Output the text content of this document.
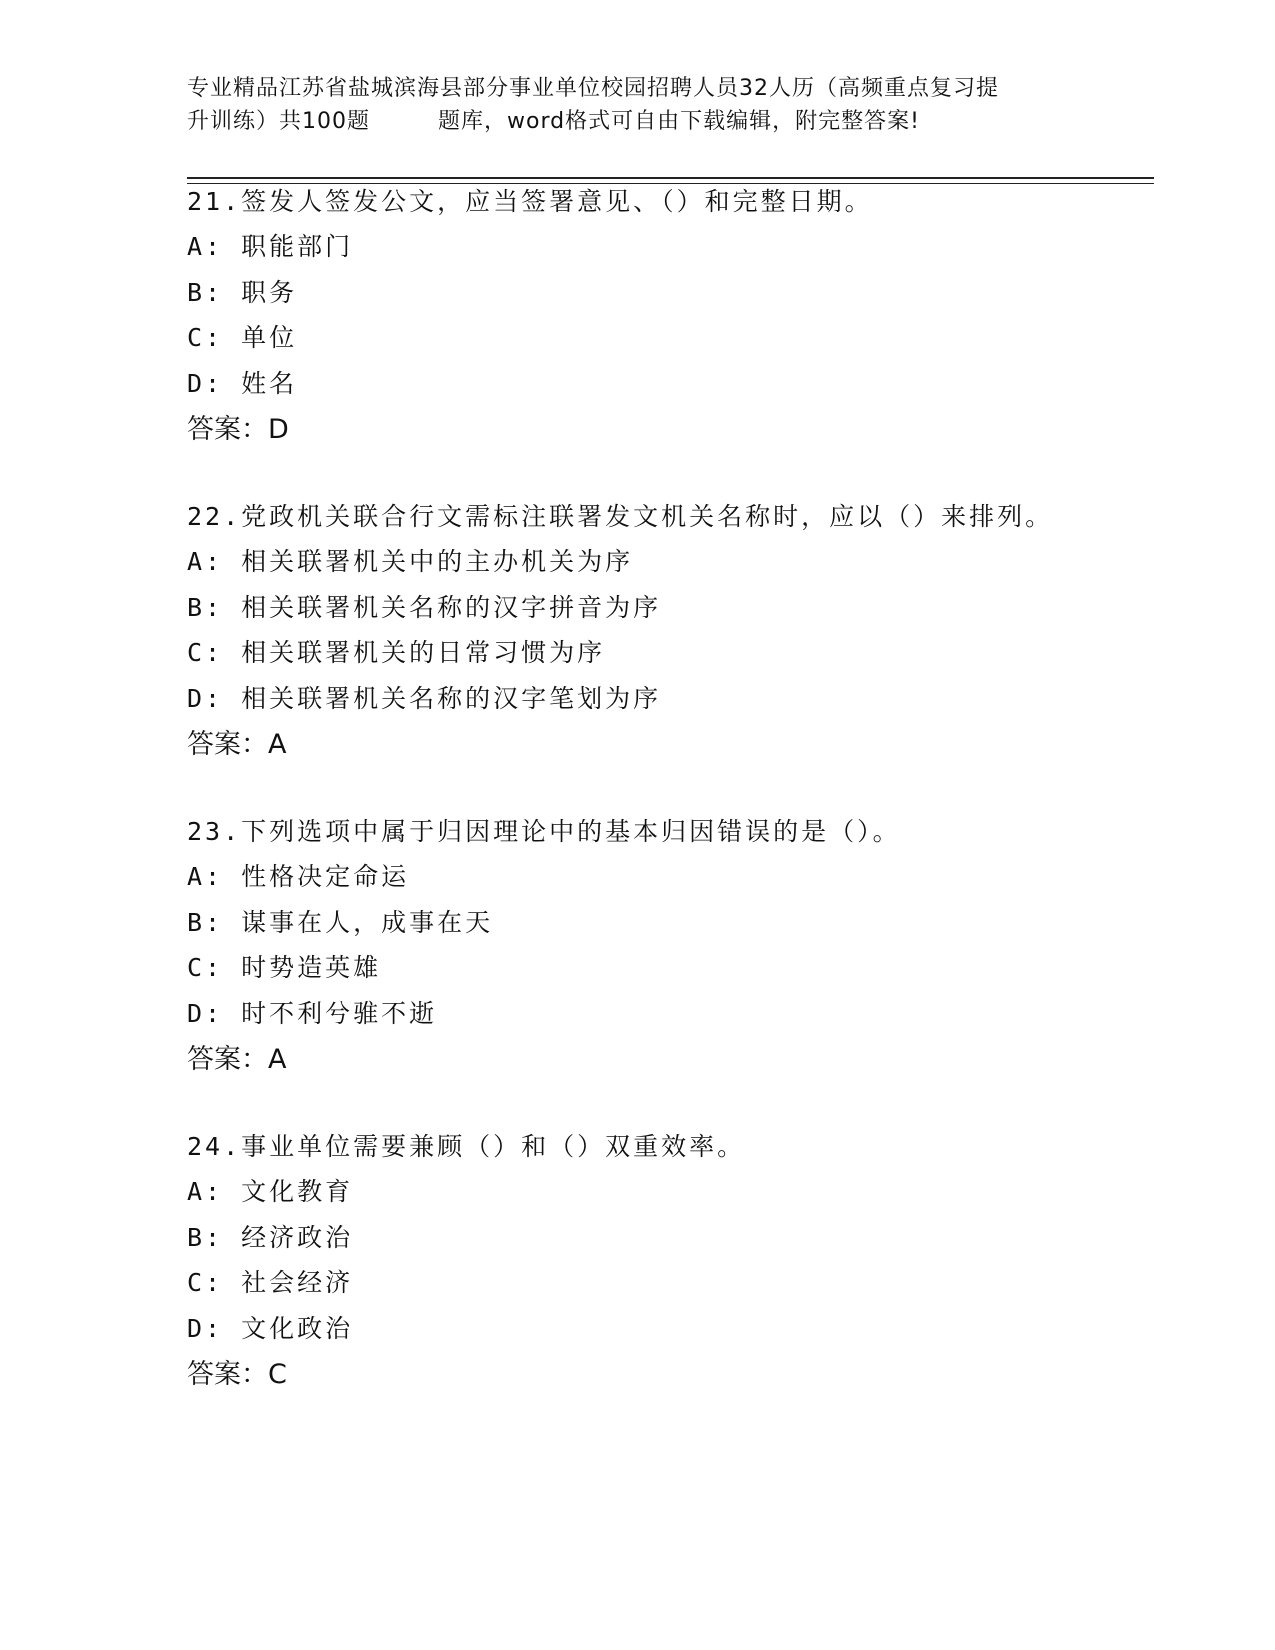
专业精品江苏省盐城滨海县部分事业单位校园招聘人员32人历（高频重点复习提
升训练）共100题	题库，word格式可自由下载编辑，附完整答案!
21.签发人签发公文，应当签署意见、（）和完整日期。
A: 职能部门
B: 职务
C: 单位
D: 姓名
答案：D
22.党政机关联合行文需标注联署发文机关名称时，应以（）来排列。
A: 相关联署机关中的主办机关为序
B: 相关联署机关名称的汉字拼音为序
C: 相关联署机关的日常习惯为序
D: 相关联署机关名称的汉字笔划为序
答案：A
23.下列选项中属于归因理论中的基本归因错误的是（）。
A: 性格决定命运
B: 谋事在人，成事在天
C: 时势造英雄
D: 时不利兮骓不逝
答案：A
24.事业单位需要兼顾（）和（）双重效率。
A: 文化教育
B: 经济政治
C: 社会经济
D: 文化政治
答案：C
